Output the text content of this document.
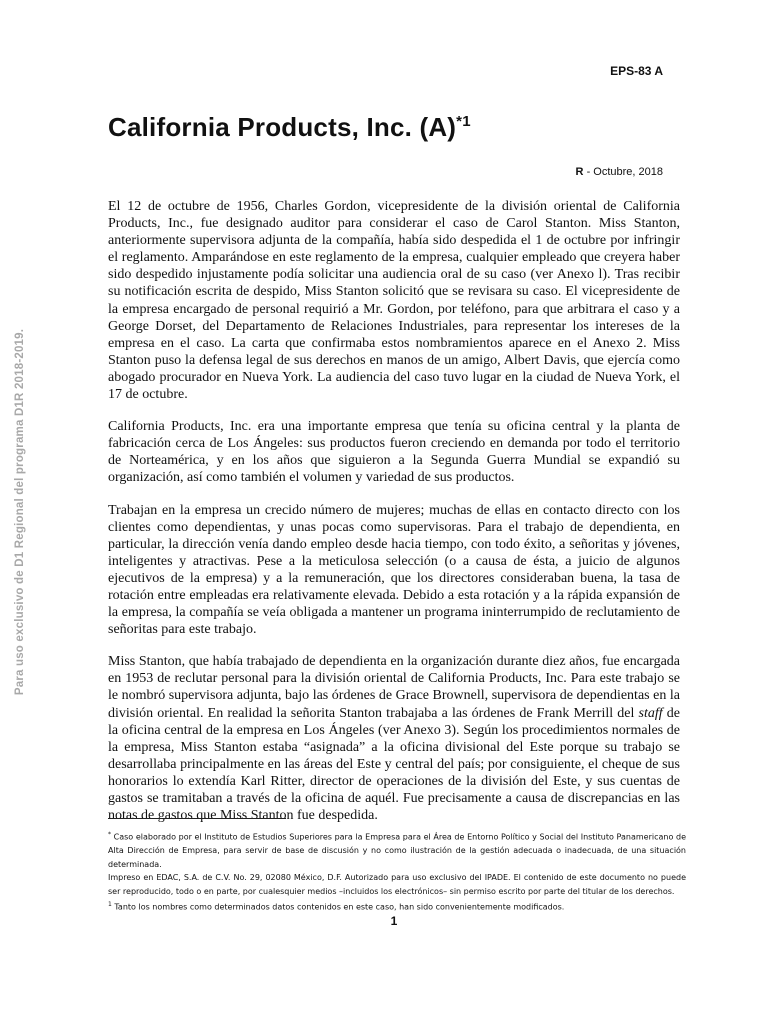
EPS-83 A
California Products, Inc. $(A)^{*1}$
R - Octubre, 2018
Para uso exclusivo de D1 Regional del programa D1R 2018-2019.

El 12 de octubre de 1956, Charles Gordon, vicepresidente de la división oriental de California Products, Inc., fue designado auditor para considerar el caso de Carol Stanton. Miss Stanton, anteriormente supervisora adjunta de la compañía, había sido despedida el 1 de octubre por infringir el reglamento. Amparándose en este reglamento de la empresa, cualquier empleado que creyera haber sido despedido injustamente podía solicitar una audiencia oral de su caso (ver Anexo l). Tras recibir su notificación escrita de despido, Miss Stanton solicitó que se revisara su caso. El vicepresidente de la empresa encargado de personal requirió a Mr. Gordon, por teléfono, para que arbitrara el caso y a George Dorset, del Departamento de Relaciones Industriales, para representar los intereses de la empresa en el caso. La carta que confirmaba estos nombramientos aparece en el Anexo 2. Miss Stanton puso la defensa legal de sus derechos en manos de un amigo, Albert Davis, que ejercía como abogado procurador en Nueva York. La audiencia del caso tuvo lugar en la ciudad de Nueva York, el 17 de octubre.

California Products, Inc. era una importante empresa que tenía su oficina central y la planta de fabricación cerca de Los Ángeles: sus productos fueron creciendo en demanda por todo el territorio de Norteamérica, y en los años que siguieron a la Segunda Guerra Mundial se expandió su organización, así como también el volumen y variedad de sus productos.

Trabajan en la empresa un crecido número de mujeres; muchas de ellas en contacto directo con los clientes como dependientas, y unas pocas como supervisoras. Para el trabajo de dependienta, en particular, la dirección venía dando empleo desde hacia tiempo, con todo éxito, a señoritas y jóvenes, inteligentes y atractivas. Pese a la meticulosa selección (o a causa de ésta, a juicio de algunos ejecutivos de la empresa) y a la remuneración, que los directores consideraban buena, la tasa de rotación entre empleadas era relativamente elevada. Debido a esta rotación y a la rápida expansión de la empresa, la compañía se veía obligada a mantener un programa ininterrumpido de reclutamiento de señoritas para este trabajo.

Miss Stanton, que había trabajado de dependienta en la organización durante diez años, fue encargada en 1953 de reclutar personal para la división oriental de California Products, Inc. Para este trabajo se le nombró supervisora adjunta, bajo las órdenes de Grace Brownell, supervisora de dependientas en la división oriental. En realidad la señorita Stanton trabajaba a las órdenes de Frank Merrill del staff de la oficina central de la empresa en Los Ángeles (ver Anexo 3). Según los procedimientos normales de la empresa, Miss Stanton estaba “asignada” a la oficina divisional del Este porque su trabajo se desarrollaba principalmente en las áreas del Este y central del país; por consiguiente, el cheque de sus honorarios lo extendía Karl Ritter, director de operaciones de la división del Este, y sus cuentas de gastos se tramitaban a través de la oficina de aquél. Fue precisamente a causa de discrepancias en las notas de gastos que Miss Stanton fue despedida.

* Caso elaborado por el Instituto de Estudios Superiores para la Empresa para el Área de Entorno Político y Social del Instituto Panamericano de Alta Dirección de Empresa, para servir de base de discusión y no como ilustración de la gestión adecuada o inadecuada, de una situación determinada.

Impreso en EDAC, S.A. de C.V. No. 29, 02080 México, D.F. Autorizado para uso exclusivo del IPADE. El contenido de este documento no puede ser reproducido, todo o en parte, por cualesquier medios –incluidos los electrónicos– sin permiso escrito por parte del titular de los derechos.

$^1$ Tanto los nombres como determinados datos contenidos en este caso, han sido convenientemente modificados.

1
